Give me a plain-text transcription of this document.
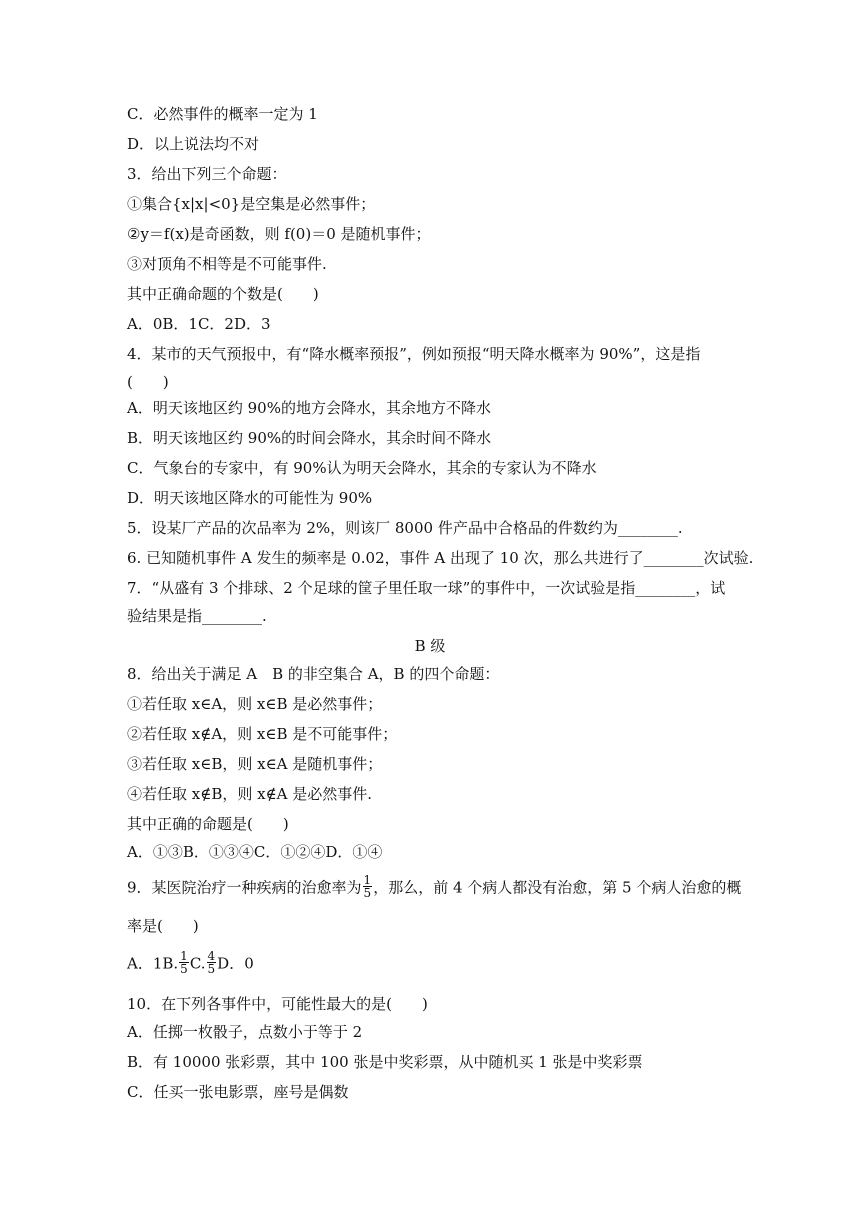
C．必然事件的概率一定为 1
D．以上说法均不对
3．给出下列三个命题：
①集合{x|x|<0}是空集是必然事件；
②y＝f(x)是奇函数，则 f(0)＝0 是随机事件；
③对顶角不相等是不可能事件.
其中正确命题的个数是(　　)
A．0B．1C．2D．3
4．某市的天气预报中，有“降水概率预报”，例如预报“明天降水概率为 90%”，这是指
(　　)
A．明天该地区约 90%的地方会降水，其余地方不降水
B．明天该地区约 90%的时间会降水，其余时间不降水
C．气象台的专家中，有 90%认为明天会降水，其余的专家认为不降水
D．明天该地区降水的可能性为 90%
5．设某厂产品的次品率为 2%，则该厂 8000 件产品中合格品的件数约为________.
6. 已知随机事件 A 发生的频率是 0.02，事件 A 出现了 10 次，那么共进行了________次试验.
7．“从盛有 3 个排球、2 个足球的筐子里任取一球”的事件中，一次试验是指________，试
验结果是指________.
B 级
8．给出关于满足 A　B 的非空集合 A，B 的四个命题：
①若任取 x∈A，则 x∈B 是必然事件；
②若任取 x∉A，则 x∈B 是不可能事件；
③若任取 x∈B，则 x∈A 是随机事件；
④若任取 x∉B，则 x∉A 是必然事件.
其中正确的命题是(　　)
A．①③B．①③④C．①②④D．①④
9．某医院治疗一种疾病的治愈率为 $\frac{1}{5}$ ，那么，前 4 个病人都没有治愈，第 5 个病人治愈的概
率是(　　)
A．1B. $\frac{1}{5} C$. $\frac{4}{5}$ D．0
10．在下列各事件中，可能性最大的是(　　)
A．任掷一枚骰子，点数小于等于 2
B．有 10000 张彩票，其中 100 张是中奖彩票，从中随机买 1 张是中奖彩票
C．任买一张电影票，座号是偶数
